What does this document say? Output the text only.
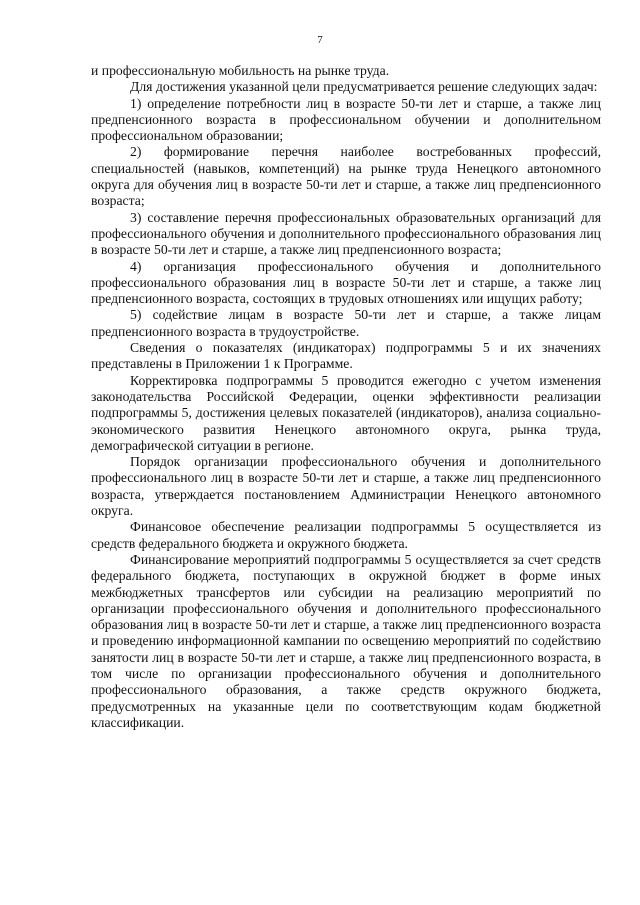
7

и профессиональную мобильность на рынке труда.

Для достижения указанной цели предусматривается решение следующих задач:

1) определение потребности лиц в возрасте 50-ти лет и старше, а также лиц предпенсионного возраста в профессиональном обучении и дополнительном профессиональном образовании;

2) формирование перечня наиболее востребованных профессий, специальностей (навыков, компетенций) на рынке труда Ненецкого автономного округа для обучения лиц в возрасте 50-ти лет и старше, а также лиц предпенсионного возраста;

3) составление перечня профессиональных образовательных организаций для профессионального обучения и дополнительного профессионального образования лиц в возрасте 50-ти лет и старше, а также лиц предпенсионного возраста;

4) организация профессионального обучения и дополнительного профессионального образования лиц в возрасте 50-ти лет и старше, а также лиц предпенсионного возраста, состоящих в трудовых отношениях или ищущих работу;

5) содействие лицам в возрасте 50-ти лет и старше, а также лицам предпенсионного возраста в трудоустройстве.

Сведения о показателях (индикаторах) подпрограммы 5 и их значениях представлены в Приложении 1 к Программе.

Корректировка подпрограммы 5 проводится ежегодно с учетом изменения законодательства Российской Федерации, оценки эффективности реализации подпрограммы 5, достижения целевых показателей (индикаторов), анализа социально-экономического развития Ненецкого автономного округа, рынка труда, демографической ситуации в регионе.

Порядок организации профессионального обучения и дополнительного профессионального лиц в возрасте 50-ти лет и старше, а также лиц предпенсионного возраста, утверждается постановлением Администрации Ненецкого автономного округа.

Финансовое обеспечение реализации подпрограммы 5 осуществляется из средств федерального бюджета и окружного бюджета.

Финансирование мероприятий подпрограммы 5 осуществляется за счет средств федерального бюджета, поступающих в окружной бюджет в форме иных межбюджетных трансфертов или субсидии на реализацию мероприятий по организации профессионального обучения и дополнительного профессионального образования лиц в возрасте 50-ти лет и старше, а также лиц предпенсионного возраста и проведению информационной кампании по освещению мероприятий по содействию занятости лиц в возрасте 50-ти лет и старше, а также лиц предпенсионного возраста, в том числе по организации профессионального обучения и дополнительного профессионального образования, а также средств окружного бюджета, предусмотренных на указанные цели по соответствующим кодам бюджетной классификации.
